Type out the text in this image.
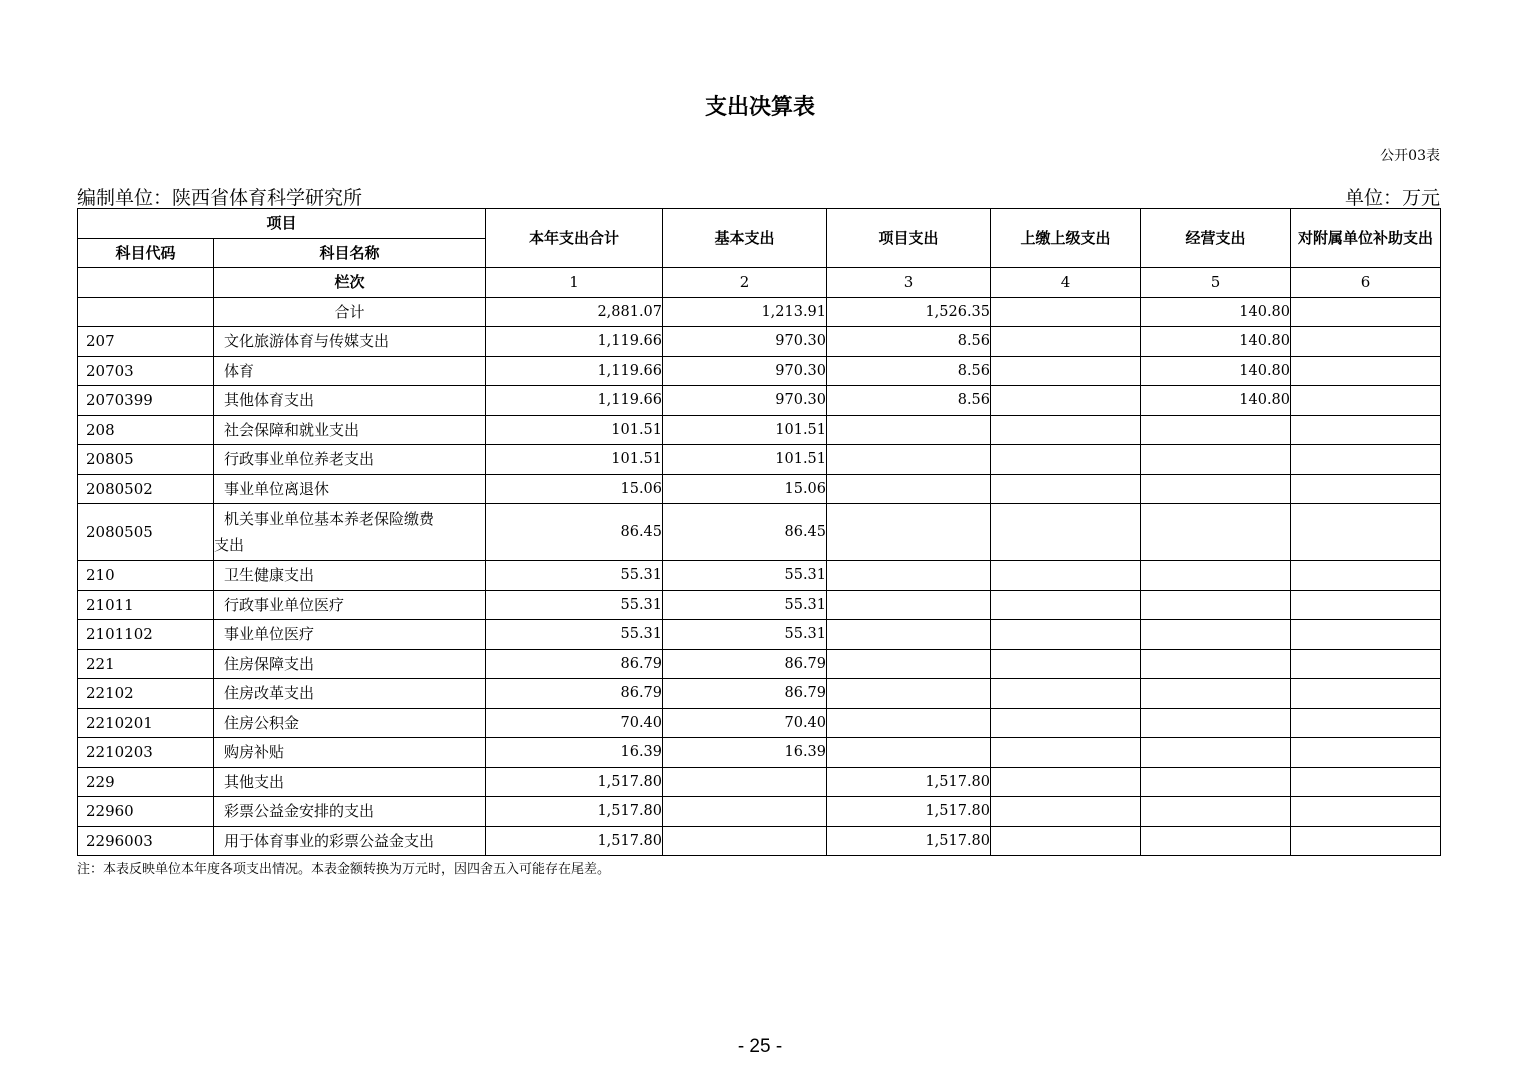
支出决算表
公开03表
编制单位：陕西省体育科学研究所	单位：万元
项目		本年支出合计	基本支出	项目支出	上缴上级支出	经营支出	对附属单位补助支出
科目代码	科目名称						
	栏次	1	2	3	4	5	6
	合计	2,881.07	1,213.91	1,526.35		140.80	
207	文化旅游体育与传媒支出	1,119.66	970.30	8.56		140.80	
20703	体育	1,119.66	970.30	8.56		140.80	
2070399	其他体育支出	1,119.66	970.30	8.56		140.80	
208	社会保障和就业支出	101.51	101.51				
20805	行政事业单位养老支出	101.51	101.51				
2080502	事业单位离退休	15.06	15.06				
2080505	机关事业单位基本养老保险缴费
支出	86.45	86.45				
210	卫生健康支出	55.31	55.31				
21011	行政事业单位医疗	55.31	55.31				
2101102	事业单位医疗	55.31	55.31				
221	住房保障支出	86.79	86.79				
22102	住房改革支出	86.79	86.79				
2210201	住房公积金	70.40	70.40				
2210203	购房补贴	16.39	16.39				
229	其他支出	1,517.80		1,517.80			
22960	彩票公益金安排的支出	1,517.80		1,517.80			
2296003	用于体育事业的彩票公益金支出	1,517.80		1,517.80			
注：本表反映单位本年度各项支出情况。本表金额转换为万元时，因四舍五入可能存在尾差。
- 25 -
